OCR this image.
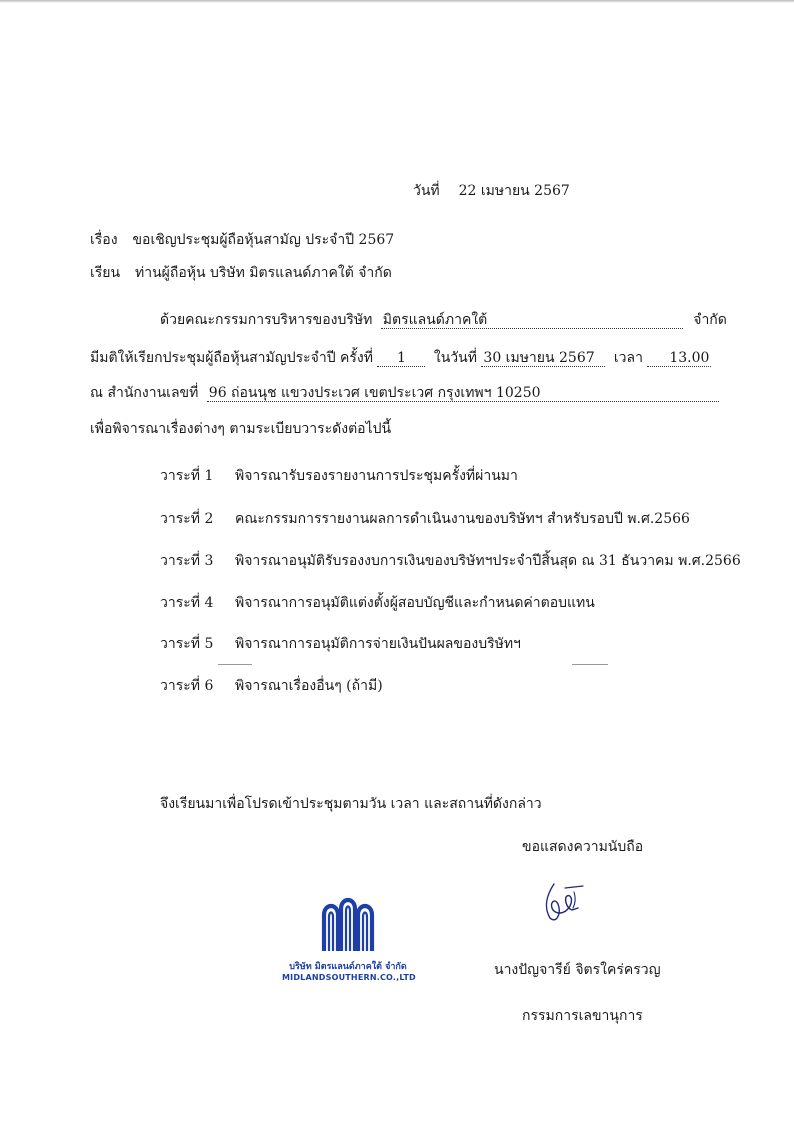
วันที่ 22 เมษายน 2567
เรื่อง ขอเชิญประชุมผู้ถือหุ้นสามัญ ประจำปี 2567
เรียน ท่านผู้ถือหุ้น บริษัท มิตรแลนด์ภาคใต้ จำกัด
ด้วยคณะกรรมการบริหารของบริษัท มิตรแลนด์ภาคใต้	จำกัด
มีมติให้เรียกประชุมผู้ถือหุ้นสามัญประจำปี ครั้งที่ 1 ในวันที่ 30 เมษายน 2567 เวลา 13.00
ณ สำนักงานเลขที่ 96 ถ่อนนุช แขวงประเวศ เขตประเวศ กรุงเทพฯ 10250
เพื่อพิจารณาเรื่องต่างๆ ตามระเบียบวาระดังต่อไปนี้
วาระที่ 1 พิจารณารับรองรายงานการประชุมครั้งที่ผ่านมา
วาระที่ 2 คณะกรรมการรายงานผลการดำเนินงานของบริษัทฯ สำหรับรอบปี พ.ศ.2566
วาระที่ 3 พิจารณาอนุมัติรับรองงบการเงินของบริษัทฯประจำปีสิ้นสุด ณ 31 ธันวาคม พ.ศ.2566
วาระที่ 4 พิจารณาการอนุมัติแต่งตั้งผู้สอบบัญชีและกำหนดค่าตอบแทน
วาระที่ 5 พิจารณาการอนุมัติการจ่ายเงินปันผลของบริษัทฯ
วาระที่ 6 พิจารณาเรื่องอื่นๆ (ถ้ามี)
จึงเรียนมาเพื่อโปรดเข้าประชุมตามวัน เวลา และสถานที่ดังกล่าว
ขอแสดงความนับถือ
บริษัท มิตรแลนด์ภาคใต้ จำกัด
MIDLANDSOUTHERN.CO.,LTD	นางปัญจารีย์ จิตรใคร่ครวญ
กรรมการเลขานุการ
